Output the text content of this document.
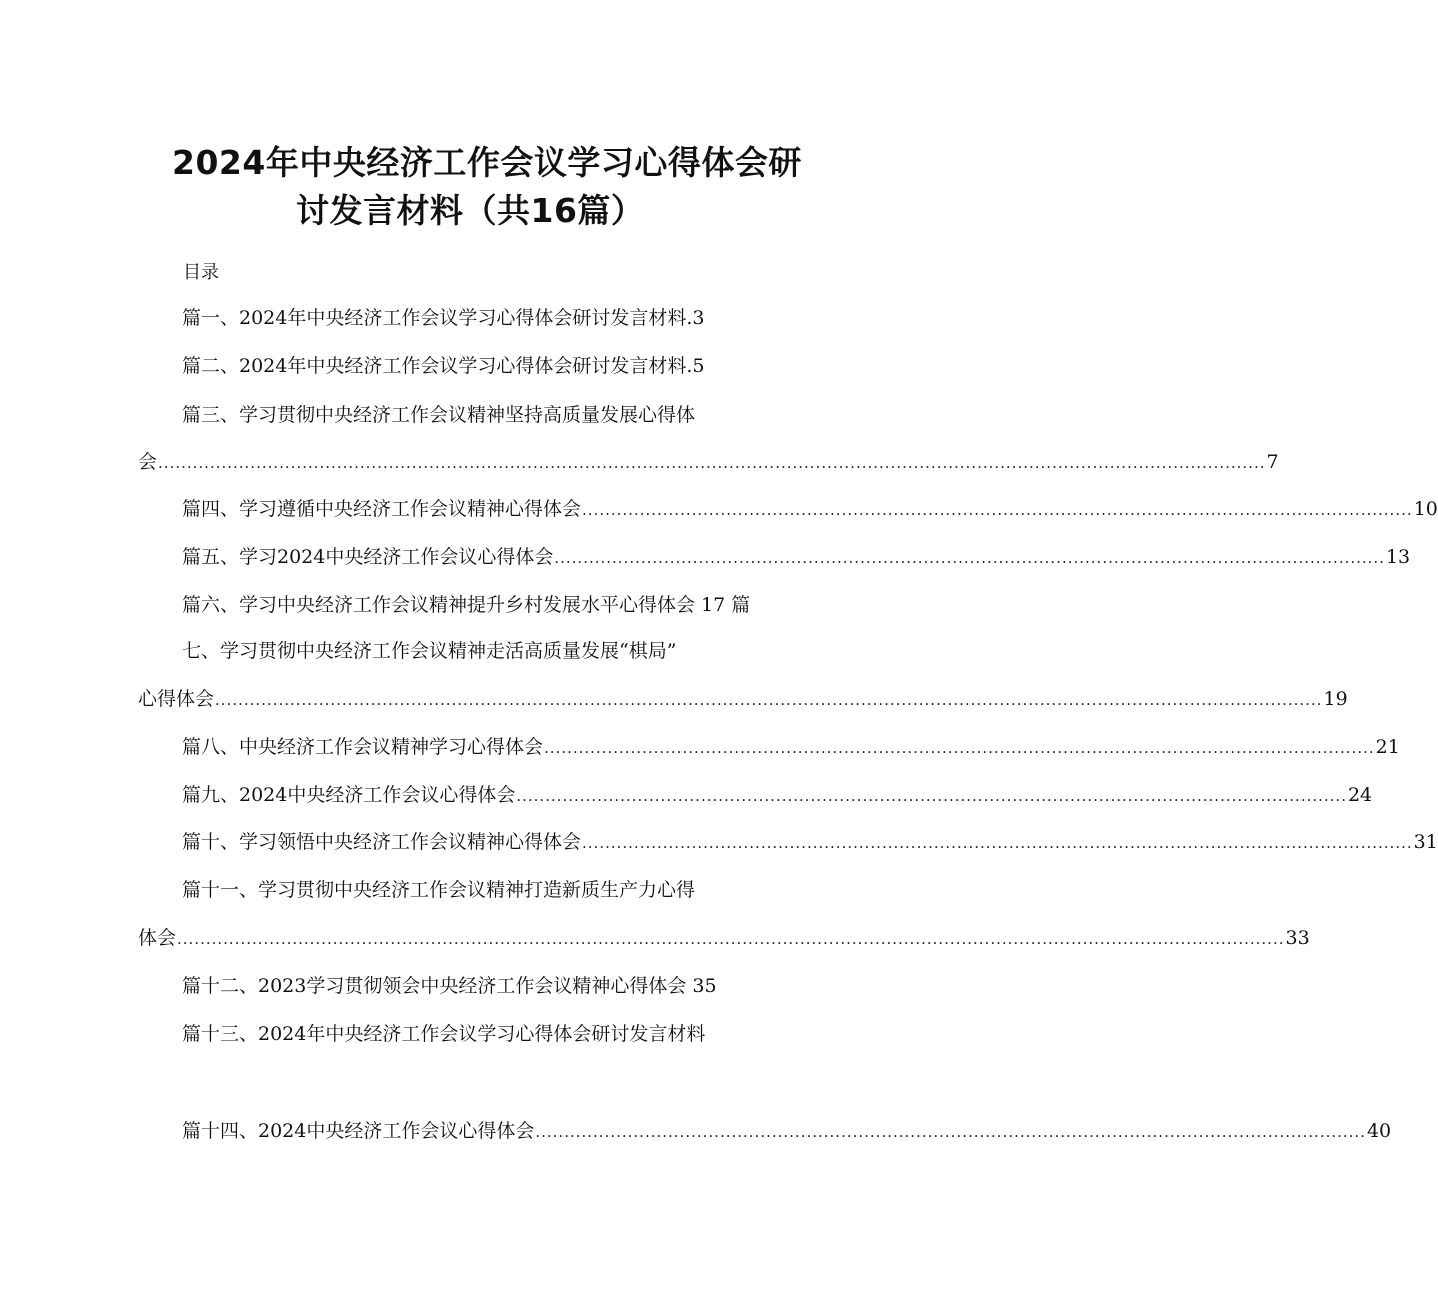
2024年中央经济工作会议学习心得体会研
讨发言材料（共16篇）
目录
篇一、2024年中央经济工作会议学习心得体会研讨发言材料. 3
篇二、2024年中央经济工作会议学习心得体会研讨发言材料. 5
篇三、学习贯彻中央经济工作会议精神坚持高质量发展心得体
会 ................................................................................................................................................................................................ 7
篇四、学习遵循中央经济工作会议精神心得体会 ................................................................................................................................................ 10
篇五、学习2024中央经济工作会议心得体会 ................................................................................................................................................ 13
篇六、学习中央经济工作会议精神提升乡村发展水平心得体会 17 篇
七、学习贯彻中央经济工作会议精神走活高质量发展“棋局”
心得体会 ................................................................................................................................................................................................ 19
篇八、中央经济工作会议精神学习心得体会 ................................................................................................................................................ 21
篇九、2024中央经济工作会议心得体会 ................................................................................................................................................ 24
篇十、学习领悟中央经济工作会议精神心得体会 ................................................................................................................................................ 31
篇十一、学习贯彻中央经济工作会议精神打造新质生产力心得
体会 ................................................................................................................................................................................................ 33
篇十二、2023学习贯彻领会中央经济工作会议精神心得体会 35
篇十三、2024年中央经济工作会议学习心得体会研讨发言材料
篇十四、2024中央经济工作会议心得体会 ................................................................................................................................................ 40
